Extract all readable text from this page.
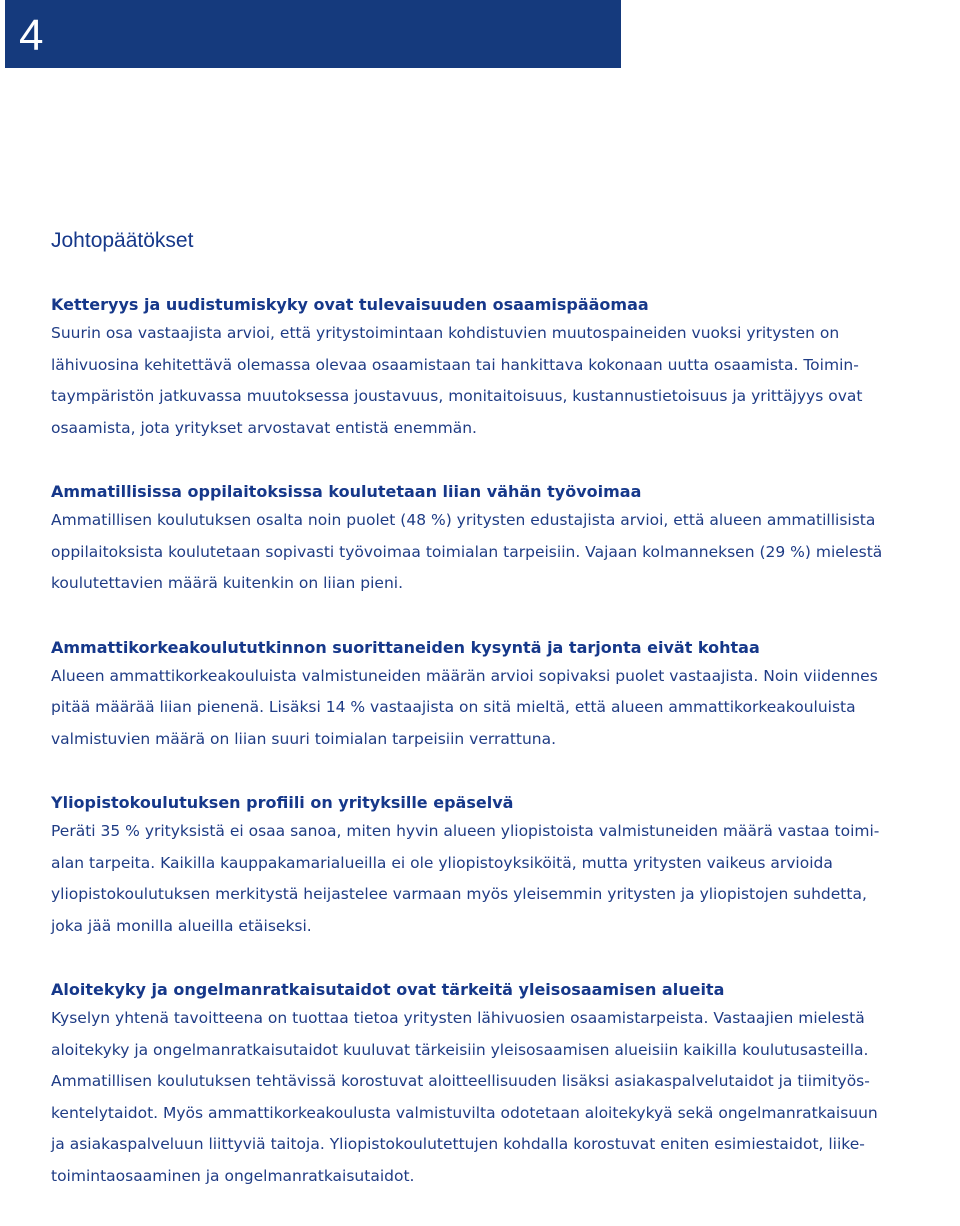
4
Johtopäätökset
Ketteryys ja uudistumiskyky ovat tulevaisuuden osaamispääomaa

Suurin osa vastaajista arvioi, että yritystoimintaan kohdistuvien muutospaineiden vuoksi yritysten on
lähivuosina kehitettävä olemassa olevaa osaamistaan tai hankittava kokonaan uutta osaamista. Toimin-
taympäristön jatkuvassa muutoksessa joustavuus, monitaitoisuus, kustannustietoisuus ja yrittäjyys ovat
osaamista, jota yritykset arvostavat entistä enemmän.

Ammatillisissa oppilaitoksissa koulutetaan liian vähän työvoimaa

Ammatillisen koulutuksen osalta noin puolet (48 %) yritysten edustajista arvioi, että alueen ammatillisista
oppilaitoksista koulutetaan sopivasti työvoimaa toimialan tarpeisiin. Vajaan kolmanneksen (29 %) mielestä
koulutettavien määrä kuitenkin on liian pieni.

Ammattikorkeakoulututkinnon suorittaneiden kysyntä ja tarjonta eivät kohtaa

Alueen ammattikorkeakouluista valmistuneiden määrän arvioi sopivaksi puolet vastaajista. Noin viidennes
pitää määrää liian pienenä. Lisäksi 14 % vastaajista on sitä mieltä, että alueen ammattikorkeakouluista
valmistuvien määrä on liian suuri toimialan tarpeisiin verrattuna.

Yliopistokoulutuksen profiili on yrityksille epäselvä

Peräti 35 % yrityksistä ei osaa sanoa, miten hyvin alueen yliopistoista valmistuneiden määrä vastaa toimi-
alan tarpeita. Kaikilla kauppakamarialueilla ei ole yliopistoyksiköitä, mutta yritysten vaikeus arvioida
yliopistokoulutuksen merkitystä heijastelee varmaan myös yleisemmin yritysten ja yliopistojen suhdetta,
joka jää monilla alueilla etäiseksi.

Aloitekyky ja ongelmanratkaisutaidot ovat tärkeitä yleisosaamisen alueita

Kyselyn yhtenä tavoitteena on tuottaa tietoa yritysten lähivuosien osaamistarpeista. Vastaajien mielestä
aloitekyky ja ongelmanratkaisutaidot kuuluvat tärkeisiin yleisosaamisen alueisiin kaikilla koulutusasteilla.
Ammatillisen koulutuksen tehtävissä korostuvat aloitteellisuuden lisäksi asiakaspalvelutaidot ja tiimityös-
kentelytaidot. Myös ammattikorkeakoulusta valmistuvilta odotetaan aloitekykyä sekä ongelmanratkaisuun
ja asiakaspalveluun liittyviä taitoja. Yliopistokoulutettujen kohdalla korostuvat eniten esimiestaidot, liike-
toimintaosaaminen ja ongelmanratkaisutaidot.
